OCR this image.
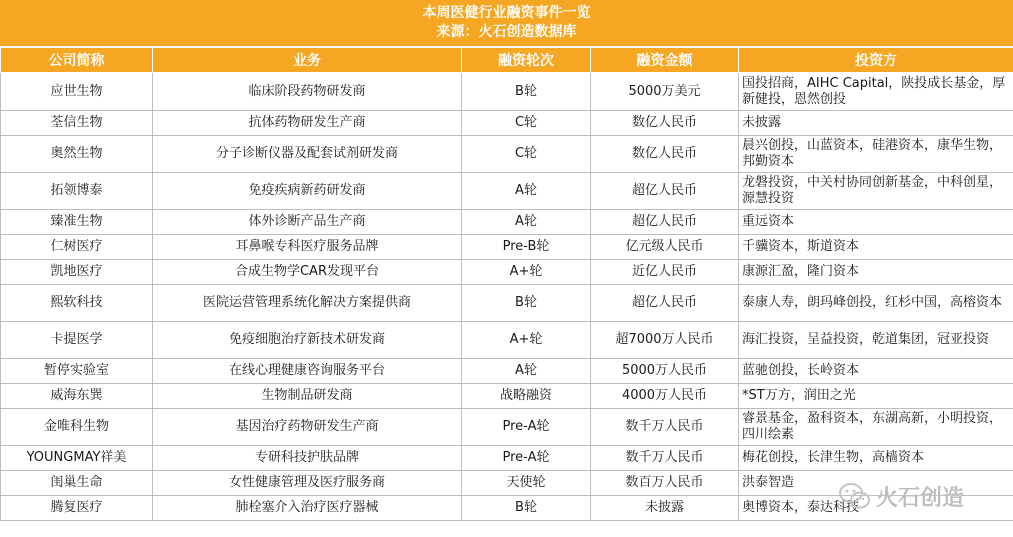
本周医健行业融资事件一览
来源：火石创造数据库
公司简称	业务	融资轮次	融资金额	投资方
应世生物	临床阶段药物研发商	B轮	5000万美元	国投招商，AIHC Capital，陕投成长基金，厚新健投，恩然创投
荃信生物	抗体药物研发生产商	C轮	数亿人民币	未披露
奥然生物	分子诊断仪器及配套试剂研发商	C轮	数亿人民币	晨兴创投，山蓝资本，硅港资本，康华生物，邦勤资本
拓领博泰	免疫疾病新药研发商	A轮	超亿人民币	龙磐投资，中关村协同创新基金，中科创星，源慧投资
臻准生物	体外诊断产品生产商	A轮	超亿人民币	重远资本
仁树医疗	耳鼻喉专科医疗服务品牌	Pre-B轮	亿元级人民币	千骥资本，斯道资本
凯地医疗	合成生物学CAR发现平台	A+轮	近亿人民币	康源汇盈，隆门资本
熙软科技	医院运营管理系统化解决方案提供商	B轮	超亿人民币	泰康人寿，朗玛峰创投，红杉中国，高榕资本
卡提医学	免疫细胞治疗新技术研发商	A+轮	超7000万人民币	海汇投资，呈益投资，乾道集团，冠亚投资
暂停实验室	在线心理健康咨询服务平台	A轮	5000万人民币	蓝驰创投，长岭资本
威海东巽	生物制品研发商	战略融资	4000万人民币	*ST万方，润田之光
金唯科生物	基因治疗药物研发生产商	Pre-A轮	数千万人民币	睿景基金，盈科资本，东湖高新，小明投资，四川绘素
YOUNGMAY祥美	专研科技护肤品牌	Pre-A轮	数千万人民币	梅花创投，长津生物，高樯资本
闺巢生命	女性健康管理及医疗服务商	天使轮	数百万人民币	洪泰智造
腾复医疗	肺栓塞介入治疗医疗器械	B轮	未披露	奥博资本，泰达科技 火石创造
